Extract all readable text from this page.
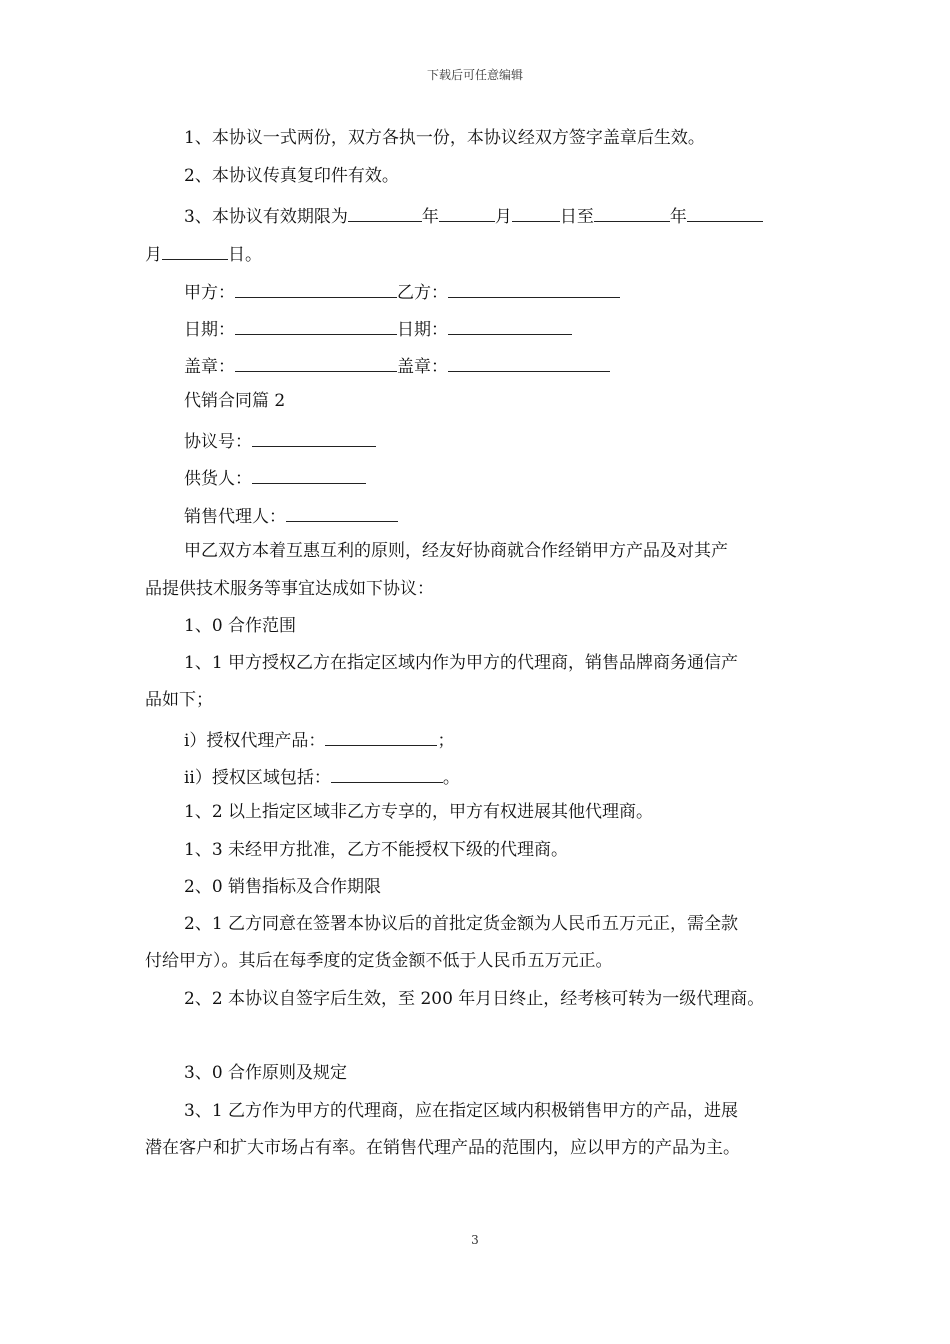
下载后可任意编辑
1、本协议一式两份，双方各执一份，本协议经双方签字盖章后生效。
2、本协议传真复印件有效。
3、本协议有效期限为	年	月	日至	年
月	日。
甲方：	乙方：
日期：	日期：
盖章：	盖章：
代销合同篇 2
协议号：
供货人：
销售代理人：
甲乙双方本着互惠互利的原则，经友好协商就合作经销甲方产品及对其产
品提供技术服务等事宜达成如下协议：
1、0 合作范围
1、1 甲方授权乙方在指定区域内作为甲方的代理商，销售品牌商务通信产
品如下；
i）授权代理产品：	；
ii）授权区域包括：	。
1、2 以上指定区域非乙方专享的，甲方有权进展其他代理商。
1、3 未经甲方批准，乙方不能授权下级的代理商。
2、0 销售指标及合作期限
2、1 乙方同意在签署本协议后的首批定货金额为人民币五万元正，需全款
付给甲方）。其后在每季度的定货金额不低于人民币五万元正。
2、2 本协议自签字后生效，至 200 年月日终止，经考核可转为一级代理商。
3、0 合作原则及规定
3、1 乙方作为甲方的代理商，应在指定区域内积极销售甲方的产品，进展
潜在客户和扩大市场占有率。在销售代理产品的范围内，应以甲方的产品为主。
3
